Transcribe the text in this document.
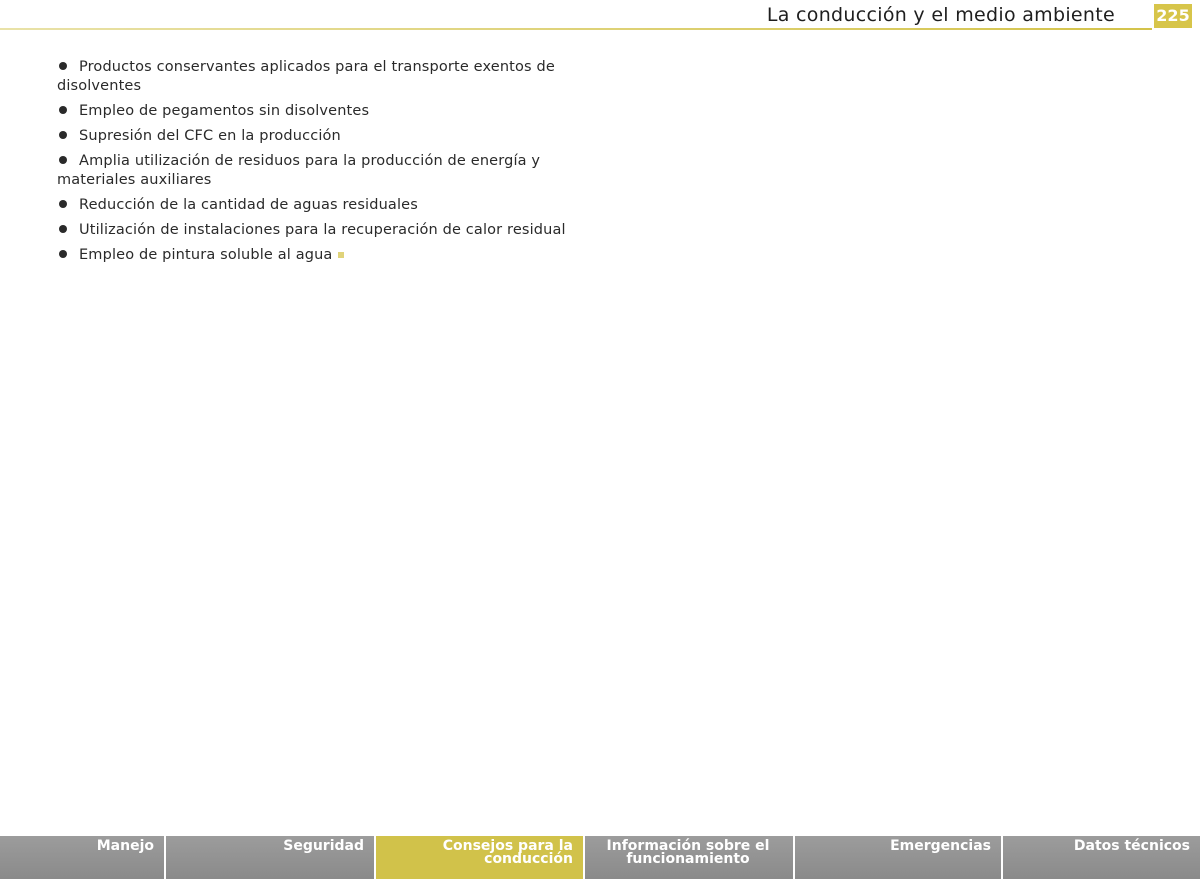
La conducción y el medio ambiente	225
Productos conservantes aplicados para el transporte exentos de disolventes
Empleo de pegamentos sin disolventes
Supresión del CFC en la producción
Amplia utilización de residuos para la producción de energía y materiales auxiliares
Reducción de la cantidad de aguas residuales
Utilización de instalaciones para la recuperación de calor residual
Empleo de pintura soluble al agua
Manejo	Seguridad	Consejos para la conducción
Información sobre el funcionamiento
Emergencias	Datos técnicos
